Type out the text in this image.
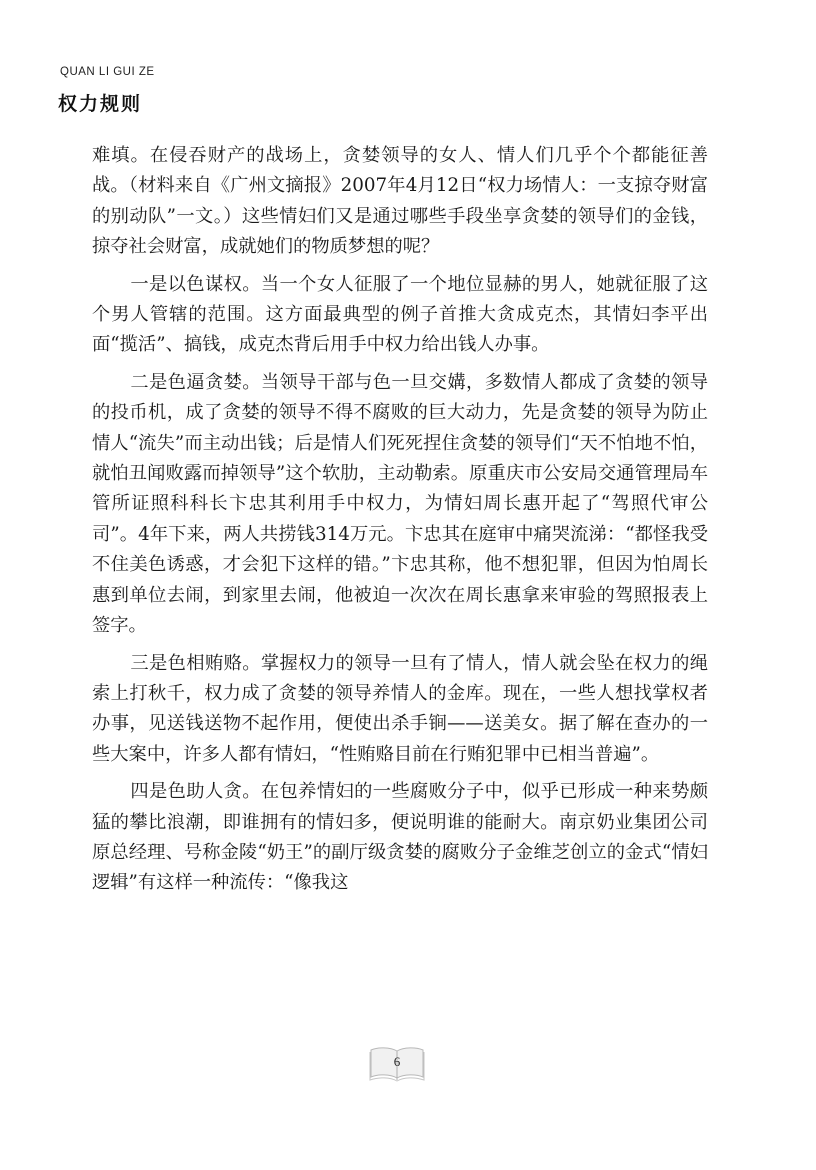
QUAN LI GUI ZE
权力规则

难填。在侵吞财产的战场上，贪婪领导的女人、情人们几乎个个都能征善战。（材料来自《广州文摘报》2007年4月12日“权力场情人：一支掠夺财富的别动队”一文。）这些情妇们又是通过哪些手段坐享贪婪的领导们的金钱，掠夺社会财富，成就她们的物质梦想的呢？

一是以色谋权。当一个女人征服了一个地位显赫的男人，她就征服了这个男人管辖的范围。这方面最典型的例子首推大贪成克杰，其情妇李平出面“揽活”、搞钱，成克杰背后用手中权力给出钱人办事。

二是色逼贪婪。当领导干部与色一旦交媾，多数情人都成了贪婪的领导的投币机，成了贪婪的领导不得不腐败的巨大动力，先是贪婪的领导为防止情人“流失”而主动出钱；后是情人们死死捏住贪婪的领导们“天不怕地不怕，就怕丑闻败露而掉领导”这个软肋，主动勒索。原重庆市公安局交通管理局车管所证照科科长卞忠其利用手中权力，为情妇周长惠开起了“驾照代审公司”。4年下来，两人共捞钱314万元。卞忠其在庭审中痛哭流涕：“都怪我受不住美色诱惑，才会犯下这样的错。”卞忠其称，他不想犯罪，但因为怕周长惠到单位去闹，到家里去闹，他被迫一次次在周长惠拿来审验的驾照报表上签字。

三是色相贿赂。掌握权力的领导一旦有了情人，情人就会坠在权力的绳索上打秋千，权力成了贪婪的领导养情人的金库。现在，一些人想找掌权者办事，见送钱送物不起作用，便使出杀手锏——送美女。据了解在查办的一些大案中，许多人都有情妇，“性贿赂目前在行贿犯罪中已相当普遍”。

四是色助人贪。在包养情妇的一些腐败分子中，似乎已形成一种来势颇猛的攀比浪潮，即谁拥有的情妇多，便说明谁的能耐大。南京奶业集团公司原总经理、号称金陵“奶王”的副厅级贪婪的腐败分子金维芝创立的金式“情妇逻辑”有这样一种流传：“像我这

6
